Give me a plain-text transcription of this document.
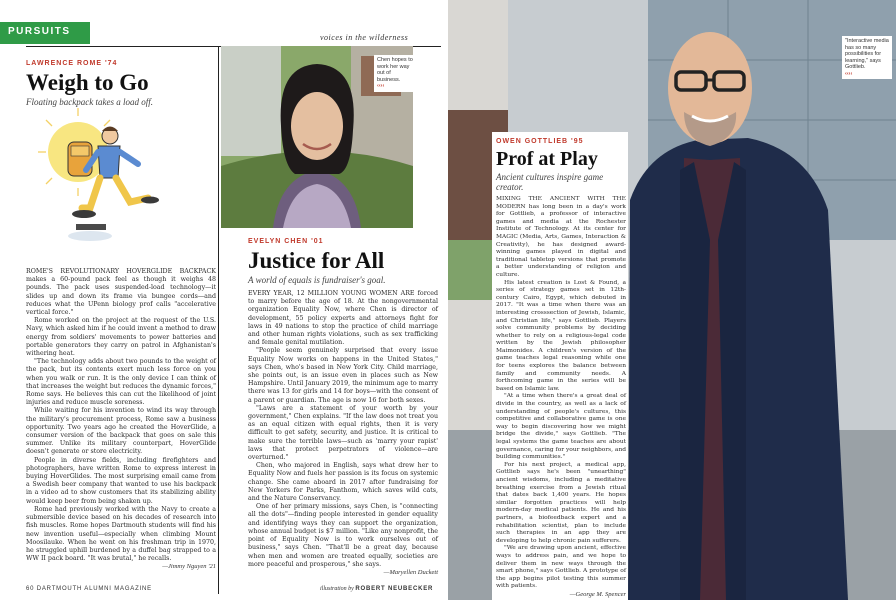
PURSUITS
voices in the wilderness
LAWRENCE ROME '74
Weigh to Go
Floating backpack takes a load off.

ROME'S REVOLUTIONARY HOVERGLIDE BACKPACK makes a 60-pound pack feel as though it weighs 48 pounds. The pack uses suspended-load technology—it slides up and down its frame via bungee cords—and reduces what the UPenn biology prof calls "accelerative vertical force."

Rome worked on the project at the request of the U.S. Navy, which asked him if he could invent a method to draw energy from soldiers' movements to power batteries and portable generators they carry on patrol in Afghanistan's withering heat.

"The technology adds about two pounds to the weight of the pack, but its contents exert much less force on you when you walk or run. It is the only device I can think of that increases the weight but reduces the dynamic forces," Rome says. He believes this can cut the likelihood of joint injuries and reduce muscle soreness.

While waiting for his invention to wind its way through the military's procurement process, Rome saw a business opportunity. Two years ago he created the HoverGlide, a consumer version of the backpack that goes on sale this summer. Unlike its military counterpart, HoverGlide doesn't generate or store electricity.

People in diverse fields, including firefighters and photographers, have written Rome to express interest in buying HoverGlides. The most surprising email came from a Swedish beer company that wanted to use his backpack in a video ad to show customers that its stabilizing ability would keep beer from being shaken up.

Rome had previously worked with the Navy to create a submersible device based on his decades of research into fish muscles. Rome hopes Dartmouth students will find his new invention useful—especially when climbing Mount Moosilauke. When he went on his freshman trip in 1970, he struggled uphill burdened by a duffel bag strapped to a WW II pack board. "It was brutal," he recalls.

—Jimmy Nguyen '21
Chen hopes to work her way out of business.
‹‹‹‹
EVELYN CHEN '01
Justice for All
A world of equals is fundraiser's goal.

EVERY YEAR, 12 MILLION YOUNG WOMEN ARE forced to marry before the age of 18. At the nongovernmental organization Equality Now, where Chen is director of development, 55 policy experts and attorneys fight for laws in 49 nations to stop the practice of child marriage and other human rights violations, such as sex trafficking and female genital mutilation.

"People seem genuinely surprised that every issue Equality Now works on happens in the United States," says Chen, who's based in New York City. Child marriage, she points out, is an issue even in places such as New Hampshire. Until January 2019, the minimum age to marry there was 13 for girls and 14 for boys—with the consent of a parent or guardian. The age is now 16 for both sexes.

"Laws are a statement of your worth by your government," Chen explains. "If the law does not treat you as an equal citizen with equal rights, then it is very difficult to get safety, security, and justice. It is critical to make sure the terrible laws—such as 'marry your rapist' laws that protect perpetrators of violence—are overturned."

Chen, who majored in English, says what drew her to Equality Now and fuels her passion is its focus on systemic change. She came aboard in 2017 after fundraising for New Yorkers for Parks, Fanthom, which saves wild cats, and the Nature Conservancy.

One of her primary missions, says Chen, is "connecting all the dots"—finding people interested in gender equality and identifying ways they can support the organization, whose annual budget is $7 million. "Like any nonprofit, the point of Equality Now is to work ourselves out of business," says Chen. "That'll be a great day, because when men and women are treated equally, societies are more peaceful and prosperous," she says.

—Maryellen Duckett
60 DARTMOUTH ALUMNI MAGAZINE	illustration by ROBERT NEUBECKER
"Interactive media has so many possibilities for learning," says Gottlieb.
‹‹‹‹
OWEN GOTTLIEB '95
Prof at Play
Ancient cultures inspire game creator.

MIXING THE ANCIENT WITH THE MODERN has long been in a day's work for Gottlieb, a professor of interactive games and media at the Rochester Institute of Technology. At its center for MAGIC (Media, Arts, Games, Interaction & Creativity), he has designed award-winning games played in digital and traditional tabletop versions that promote a better understanding of religion and culture.

His latest creation is Lost & Found, a series of strategy games set in 12th-century Cairo, Egypt, which debuted in 2017. "It was a time when there was an interesting crosssection of Jewish, Islamic, and Christian life," says Gottlieb. Players solve community problems by deciding whether to rely on a religious-legal code written by the Jewish philosopher Maimonides. A children's version of the game teaches legal reasoning while one for teens explores the balance between family and community needs. A forthcoming game in the series will be based on Islamic law.

"At a time when there's a great deal of divide in the country, as well as a lack of understanding of people's cultures, this competitive and collaborative game is one way to begin discovering how we might bridge the divide," says Gottlieb. "The legal systems the game teaches are about governance, caring for your neighbors, and building communities."

For his next project, a medical app, Gottlieb says he's been "unearthing" ancient wisdoms, including a meditative breathing exercise from a Jewish ritual that dates back 1,400 years. He hopes similar forgotten practices will help modern-day medical patients. He and his partners, a biofeedback expert and a rehabilitation scientist, plan to include such therapies in an app they are developing to help chronic pain sufferers.

"We are drawing upon ancient, effective ways to address pain, and we hope to deliver them in new ways through the smart phone," says Gottlieb. A prototype of the app begins pilot testing this summer with patients.

—George M. Spencer
